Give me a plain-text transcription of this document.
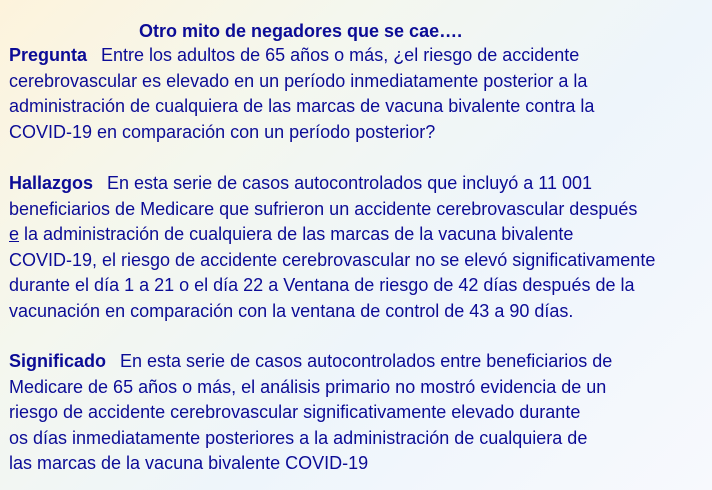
Otro mito de negadores que se cae….
Pregunta Entre los adultos de 65 años o más, ¿el riesgo de accidente
cerebrovascular es elevado en un período inmediatamente posterior a la
administración de cualquiera de las marcas de vacuna bivalente contra la
COVID-19 en comparación con un período posterior?
Hallazgos En esta serie de casos autocontrolados que incluyó a 11 001
beneficiarios de Medicare que sufrieron un accidente cerebrovascular después
e la administración de cualquiera de las marcas de la vacuna bivalente
COVID-19, el riesgo de accidente cerebrovascular no se elevó significativamente
durante el día 1 a 21 o el día 22 a Ventana de riesgo de 42 días después de la
vacunación en comparación con la ventana de control de 43 a 90 días.
Significado En esta serie de casos autocontrolados entre beneficiarios de
Medicare de 65 años o más, el análisis primario no mostró evidencia de un
riesgo de accidente cerebrovascular significativamente elevado durante
os días inmediatamente posteriores a la administración de cualquiera de
las marcas de la vacuna bivalente COVID-19
